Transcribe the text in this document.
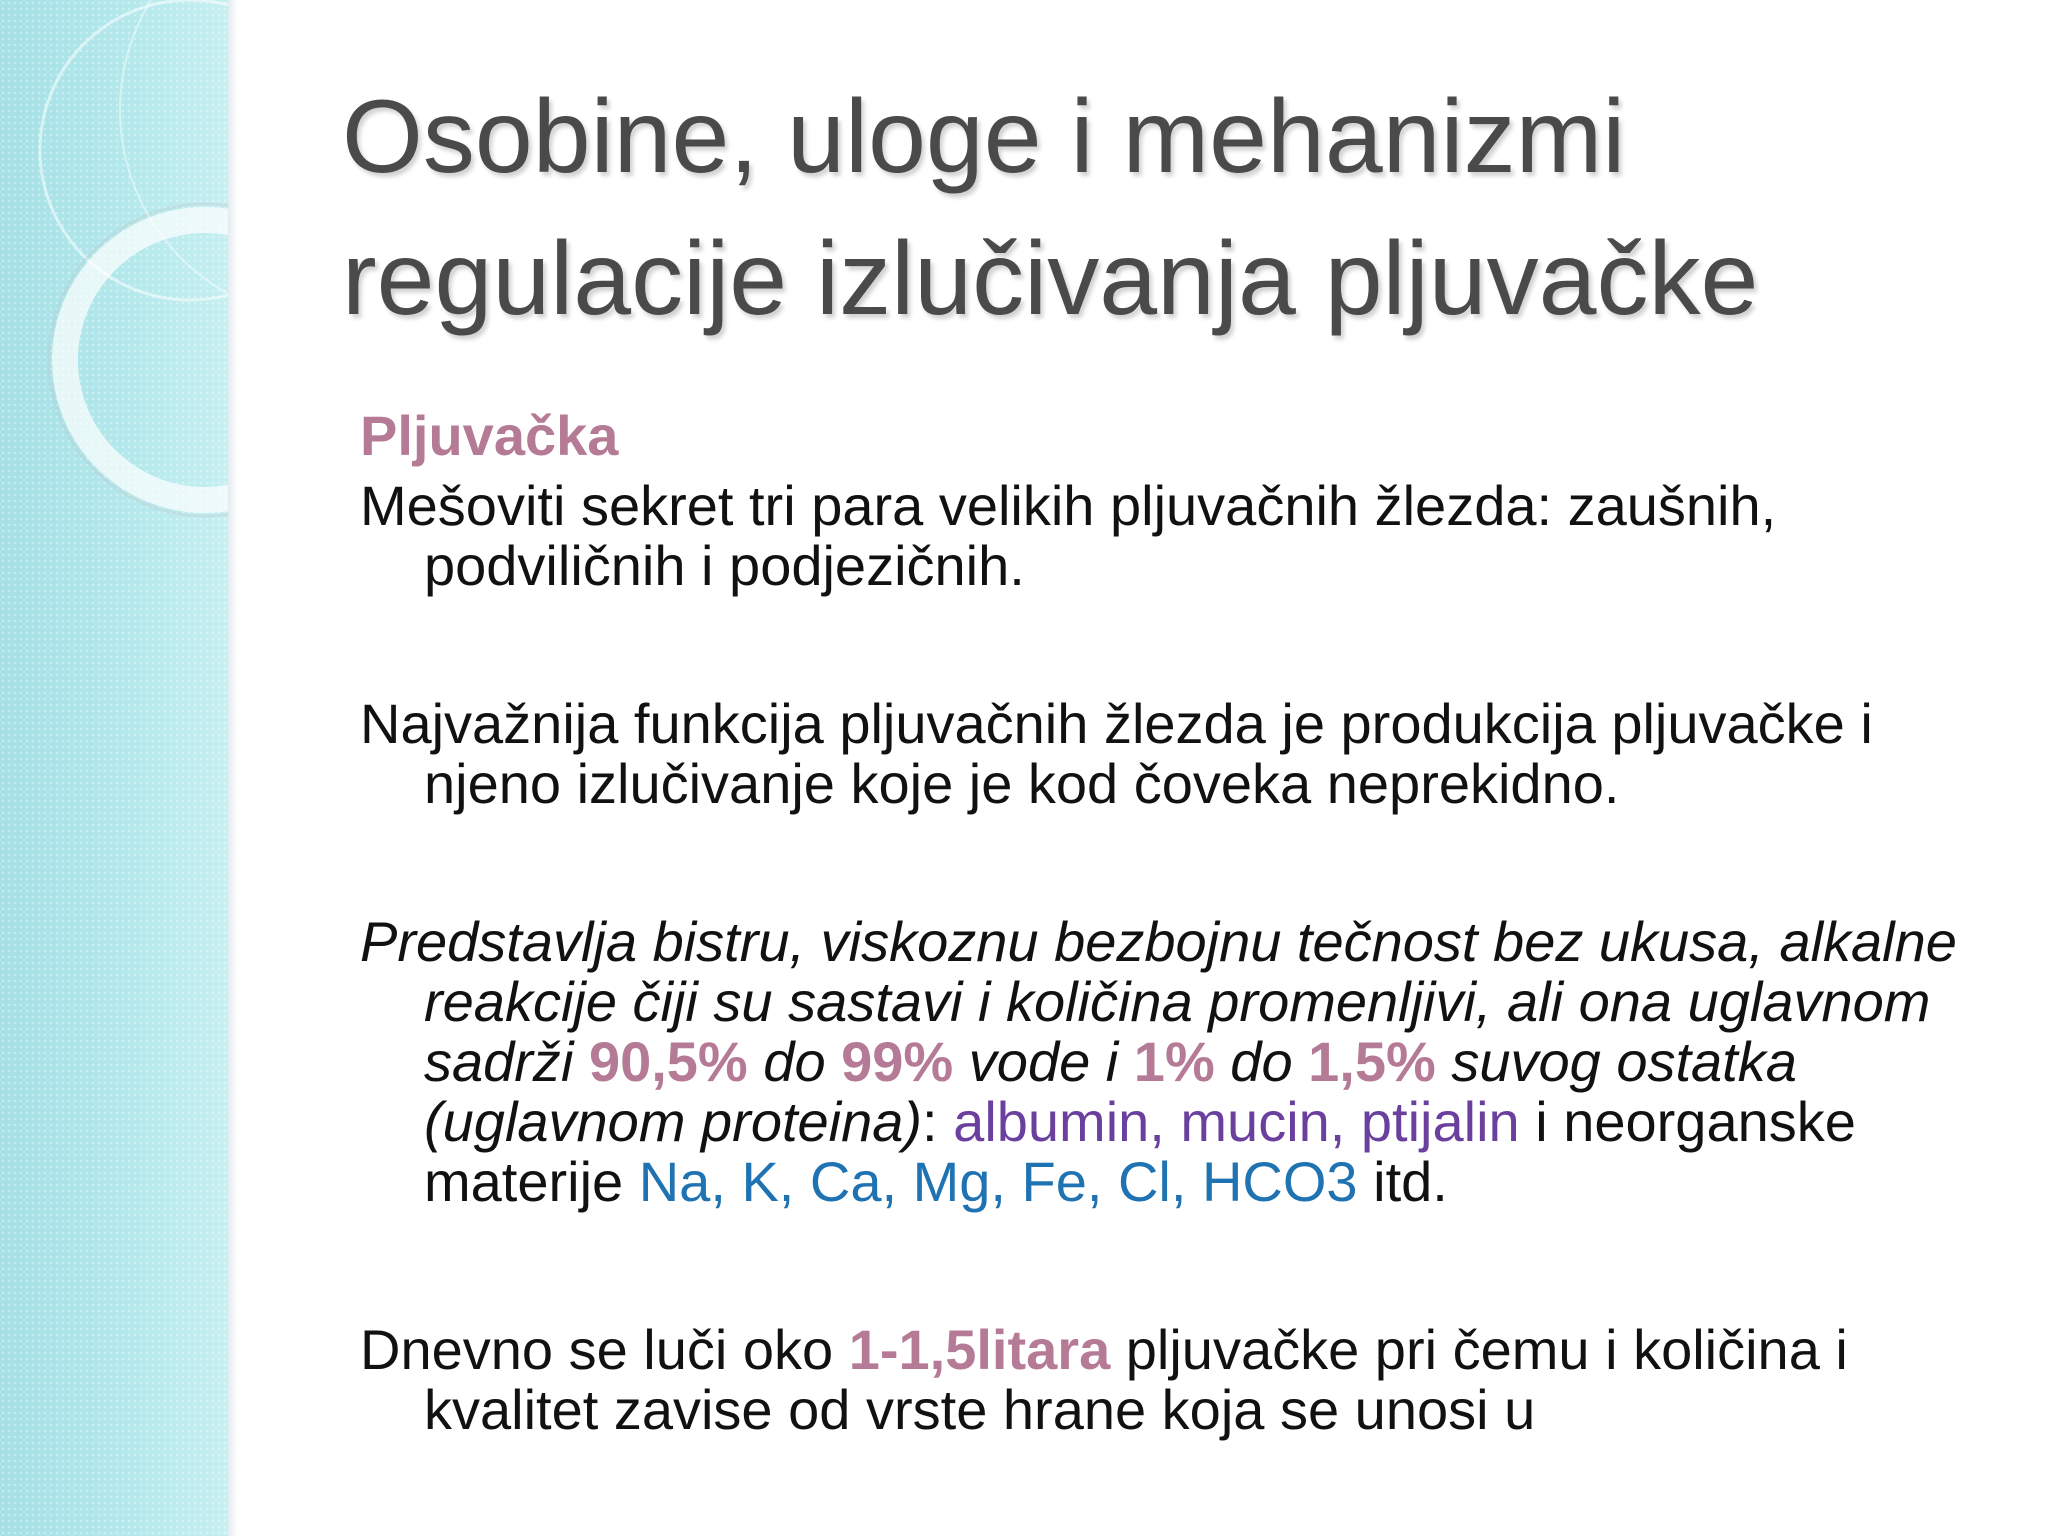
Osobine, uloge i mehanizmi
regulacije izlučivanja pljuvačke

Pljuvačka

Mešoviti sekret tri para velikih pljuvačnih žlezda: zaušnih, podviličnih i podjezičnih.

Najvažnija funkcija pljuvačnih žlezda je produkcija pljuvačke i njeno izlučivanje koje je kod čoveka neprekidno.

Predstavlja bistru, viskoznu bezbojnu tečnost bez ukusa, alkalne reakcije čiji su sastavi i količina promenljivi, ali ona uglavnom sadrži 90,5% do 99% vode i 1% do 1,5% suvog ostatka (uglavnom proteina): albumin, mucin, ptijalin i neorganske materije Na, K, Ca, Mg, Fe, Cl, HCO3 itd.

Dnevno se luči oko 1-1,5litara pljuvačke pri čemu i količina i kvalitet zavise od vrste hrane koja se unosi u
